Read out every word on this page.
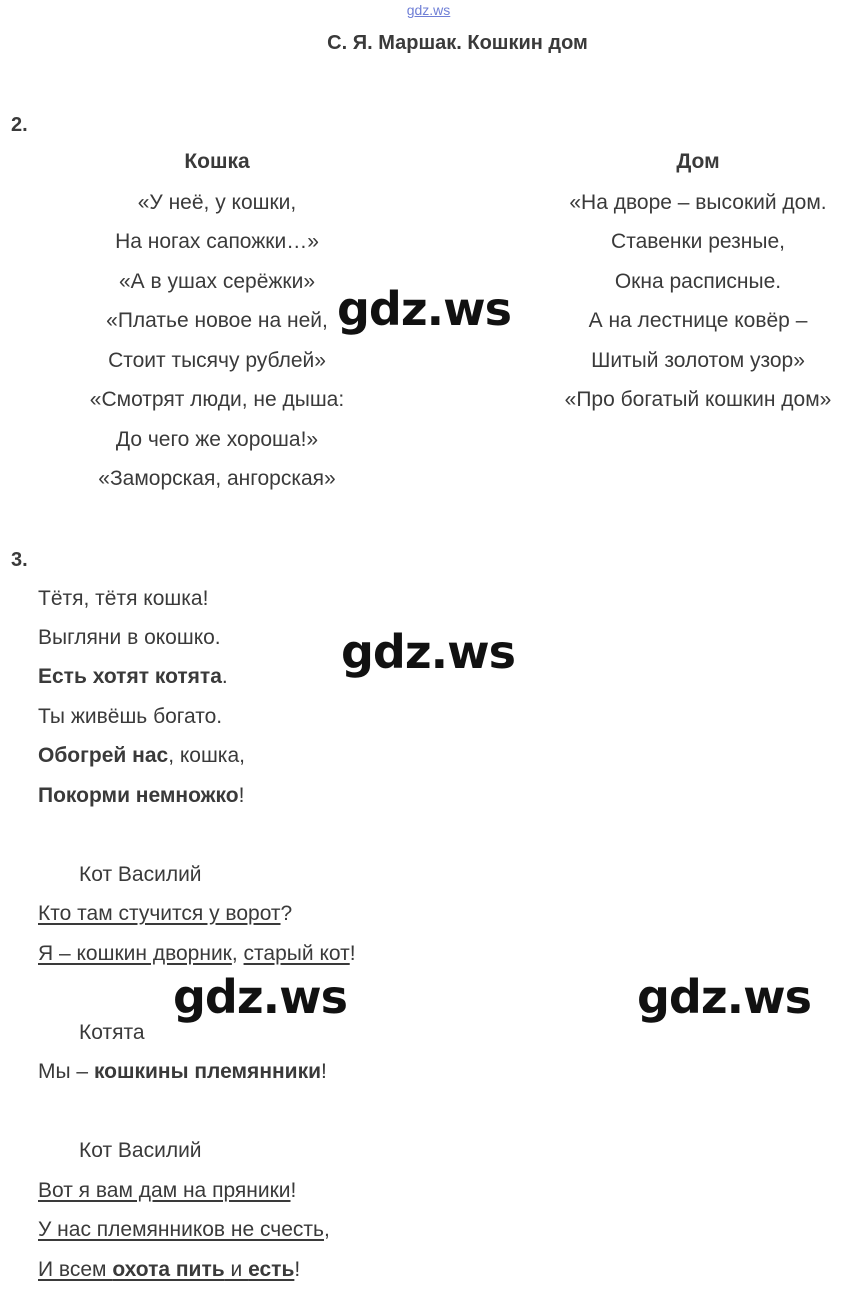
gdz.ws
С. Я. Маршак. Кошкин дом
2.
Кошка
«У неё, у кошки,
На ногах сапожки…»
«А в ушах серёжки»
«Платье новое на ней,
Стоит тысячу рублей»
«Смотрят люди, не дыша:
До чего же хороша!»
«Заморская, ангорская»
Дом
«На дворе – высокий дом.
Ставенки резные,
Окна расписные.
А на лестнице ковёр –
Шитый золотом узор»
«Про богатый кошкин дом»
3.
Тётя, тётя кошка!
Выгляни в окошко.
Есть хотят котята.
Ты живёшь богато.
Обогрей нас, кошка,
Покорми немножко!
Кот Василий
Кто там стучится у ворот?
Я – кошкин дворник, старый кот!
Котята
Мы – кошкины племянники!
Кот Василий
Вот я вам дам на пряники!
У нас племянников не счесть,
И всем охота пить и есть!
gdz.ws
gdz.ws
gdz.ws	gdz.ws
